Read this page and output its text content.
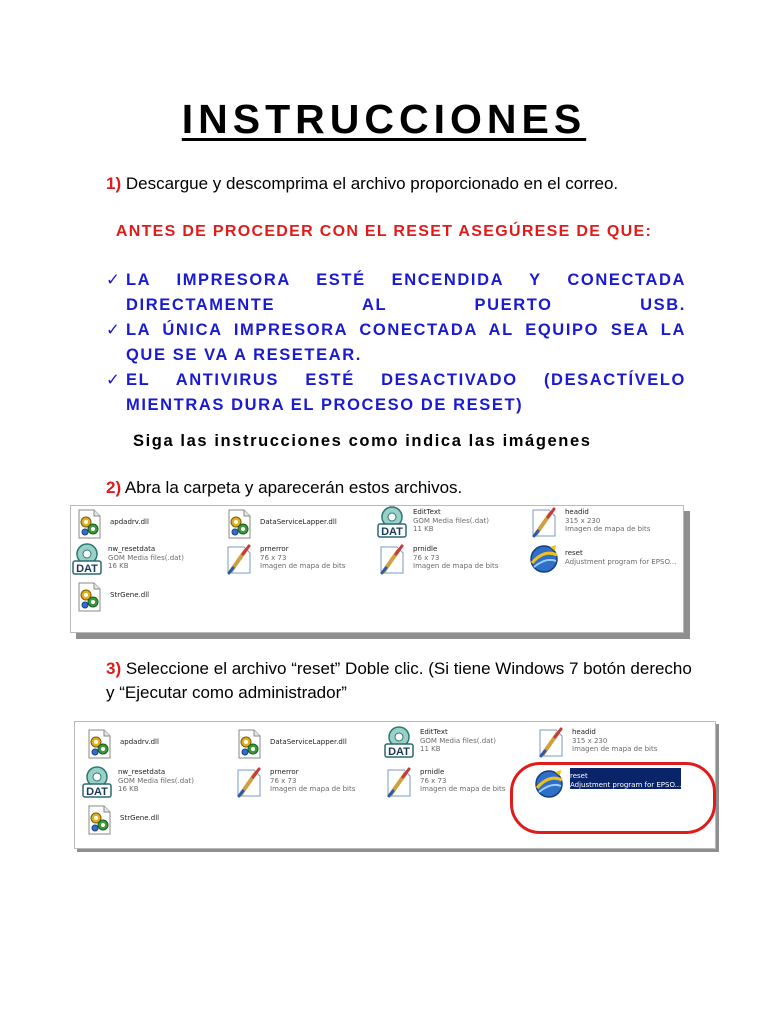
INSTRUCCIONES
1) Descargue y descomprima el archivo proporcionado en el correo.
ANTES DE PROCEDER CON EL RESET ASEGÚRESE DE QUE:
✓ LA IMPRESORA ESTÉ ENCENDIDA Y CONECTADA DIRECTAMENTE AL PUERTO USB.
✓ LA ÚNICA IMPRESORA CONECTADA AL EQUIPO SEA LA QUE SE VA A RESETEAR.
✓ EL ANTIVIRUS ESTÉ DESACTIVADO (DESACTÍVELO MIENTRAS DURA EL PROCESO DE RESET)
Siga las instrucciones como indica las imágenes
2) Abra la carpeta y aparecerán estos archivos.
apdadrv.dll	DataServiceLapper.dll
EditText
GOM Media files(.dat)
11 KB
headid
315 x 230
Imagen de mapa de bits
nw_resetdata
GOM Media files(.dat)
16 KB
prnerror
76 x 73
Imagen de mapa de bits
prnidle
76 x 73
Imagen de mapa de bits
reset
Adjustment program for EPSO...
StrGene.dll
3) Seleccione el archivo “reset” Doble clic. (Si tiene Windows 7 botón derecho y “Ejecutar como administrador”
apdadrv.dll	DataServiceLapper.dll
EditText
GOM Media files(.dat)
11 KB
headid
315 x 230
Imagen de mapa de bits
nw_resetdata
GOM Media files(.dat)
16 KB
prnerror
76 x 73
Imagen de mapa de bits
prnidle
76 x 73
Imagen de mapa de bits
reset
Adjustment program for EPSO...
StrGene.dll
